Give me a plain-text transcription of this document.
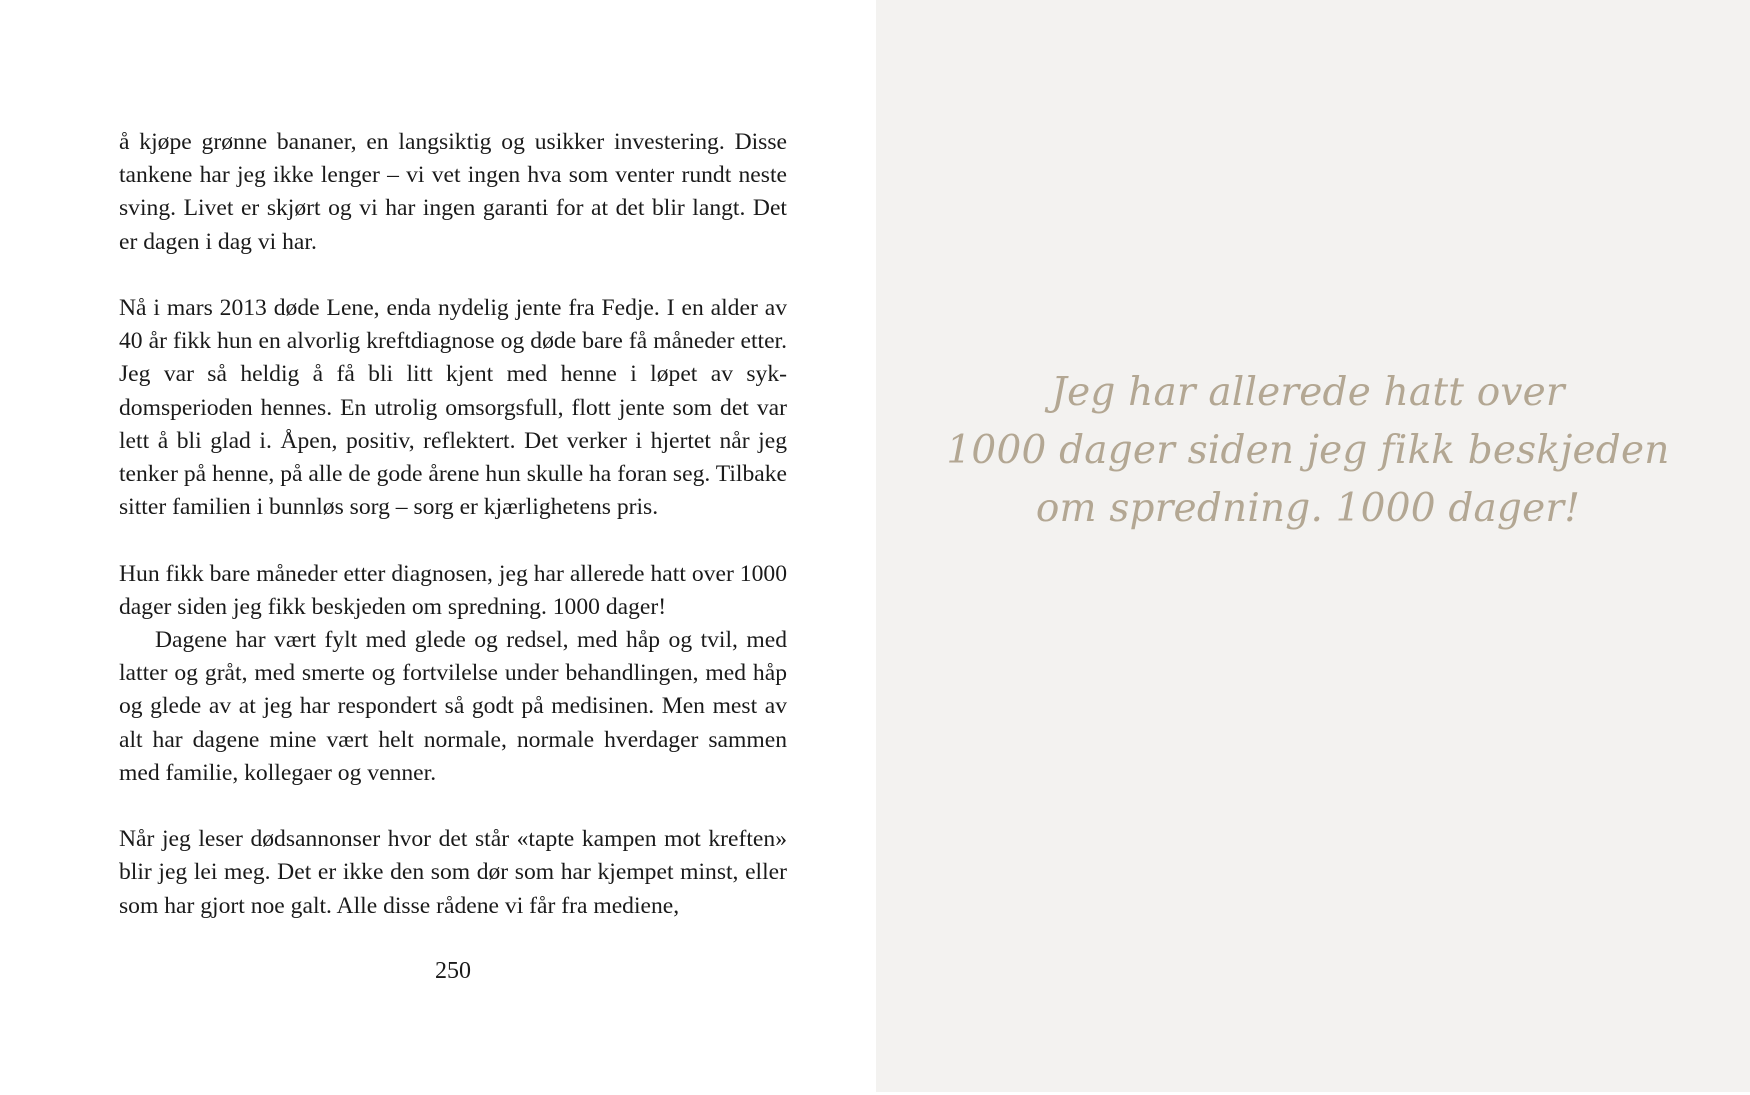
å kjøpe grønne bananer, en langsiktig og usikker investering. Disse tankene har jeg ikke lenger – vi vet ingen hva som venter rundt neste sving. Livet er skjørt og vi har ingen garanti for at det blir langt. Det er dagen i dag vi har.

Nå i mars 2013 døde Lene, enda nydelig jente fra Fedje. I en alder av 40 år fikk hun en alvorlig kreftdiagnose og døde bare få måneder etter. Jeg var så heldig å få bli litt kjent med henne i løpet av sykdomsperioden hennes. En utrolig omsorgsfull, flott jente som det var lett å bli glad i. Åpen, positiv, reflektert. Det verker i hjertet når jeg tenker på henne, på alle de gode årene hun skulle ha foran seg. Tilbake sitter familien i bunnløs sorg – sorg er kjærlighetens pris.

Hun fikk bare måneder etter diagnosen, jeg har allerede hatt over 1000 dager siden jeg fikk beskjeden om spredning. 1000 dager!

Dagene har vært fylt med glede og redsel, med håp og tvil, med latter og gråt, med smerte og fortvilelse under behandlingen, med håp og glede av at jeg har respondert så godt på medisinen. Men mest av alt har dagene mine vært helt normale, normale hverdager sammen med familie, kollegaer og venner.

Når jeg leser dødsannonser hvor det står «tapte kampen mot kreften» blir jeg lei meg. Det er ikke den som dør som har kjempet minst, eller som har gjort noe galt. Alle disse rådene vi får fra mediene,

250
Jeg har allerede hatt over
1000 dager siden jeg fikk beskjeden
om spredning. 1000 dager!
